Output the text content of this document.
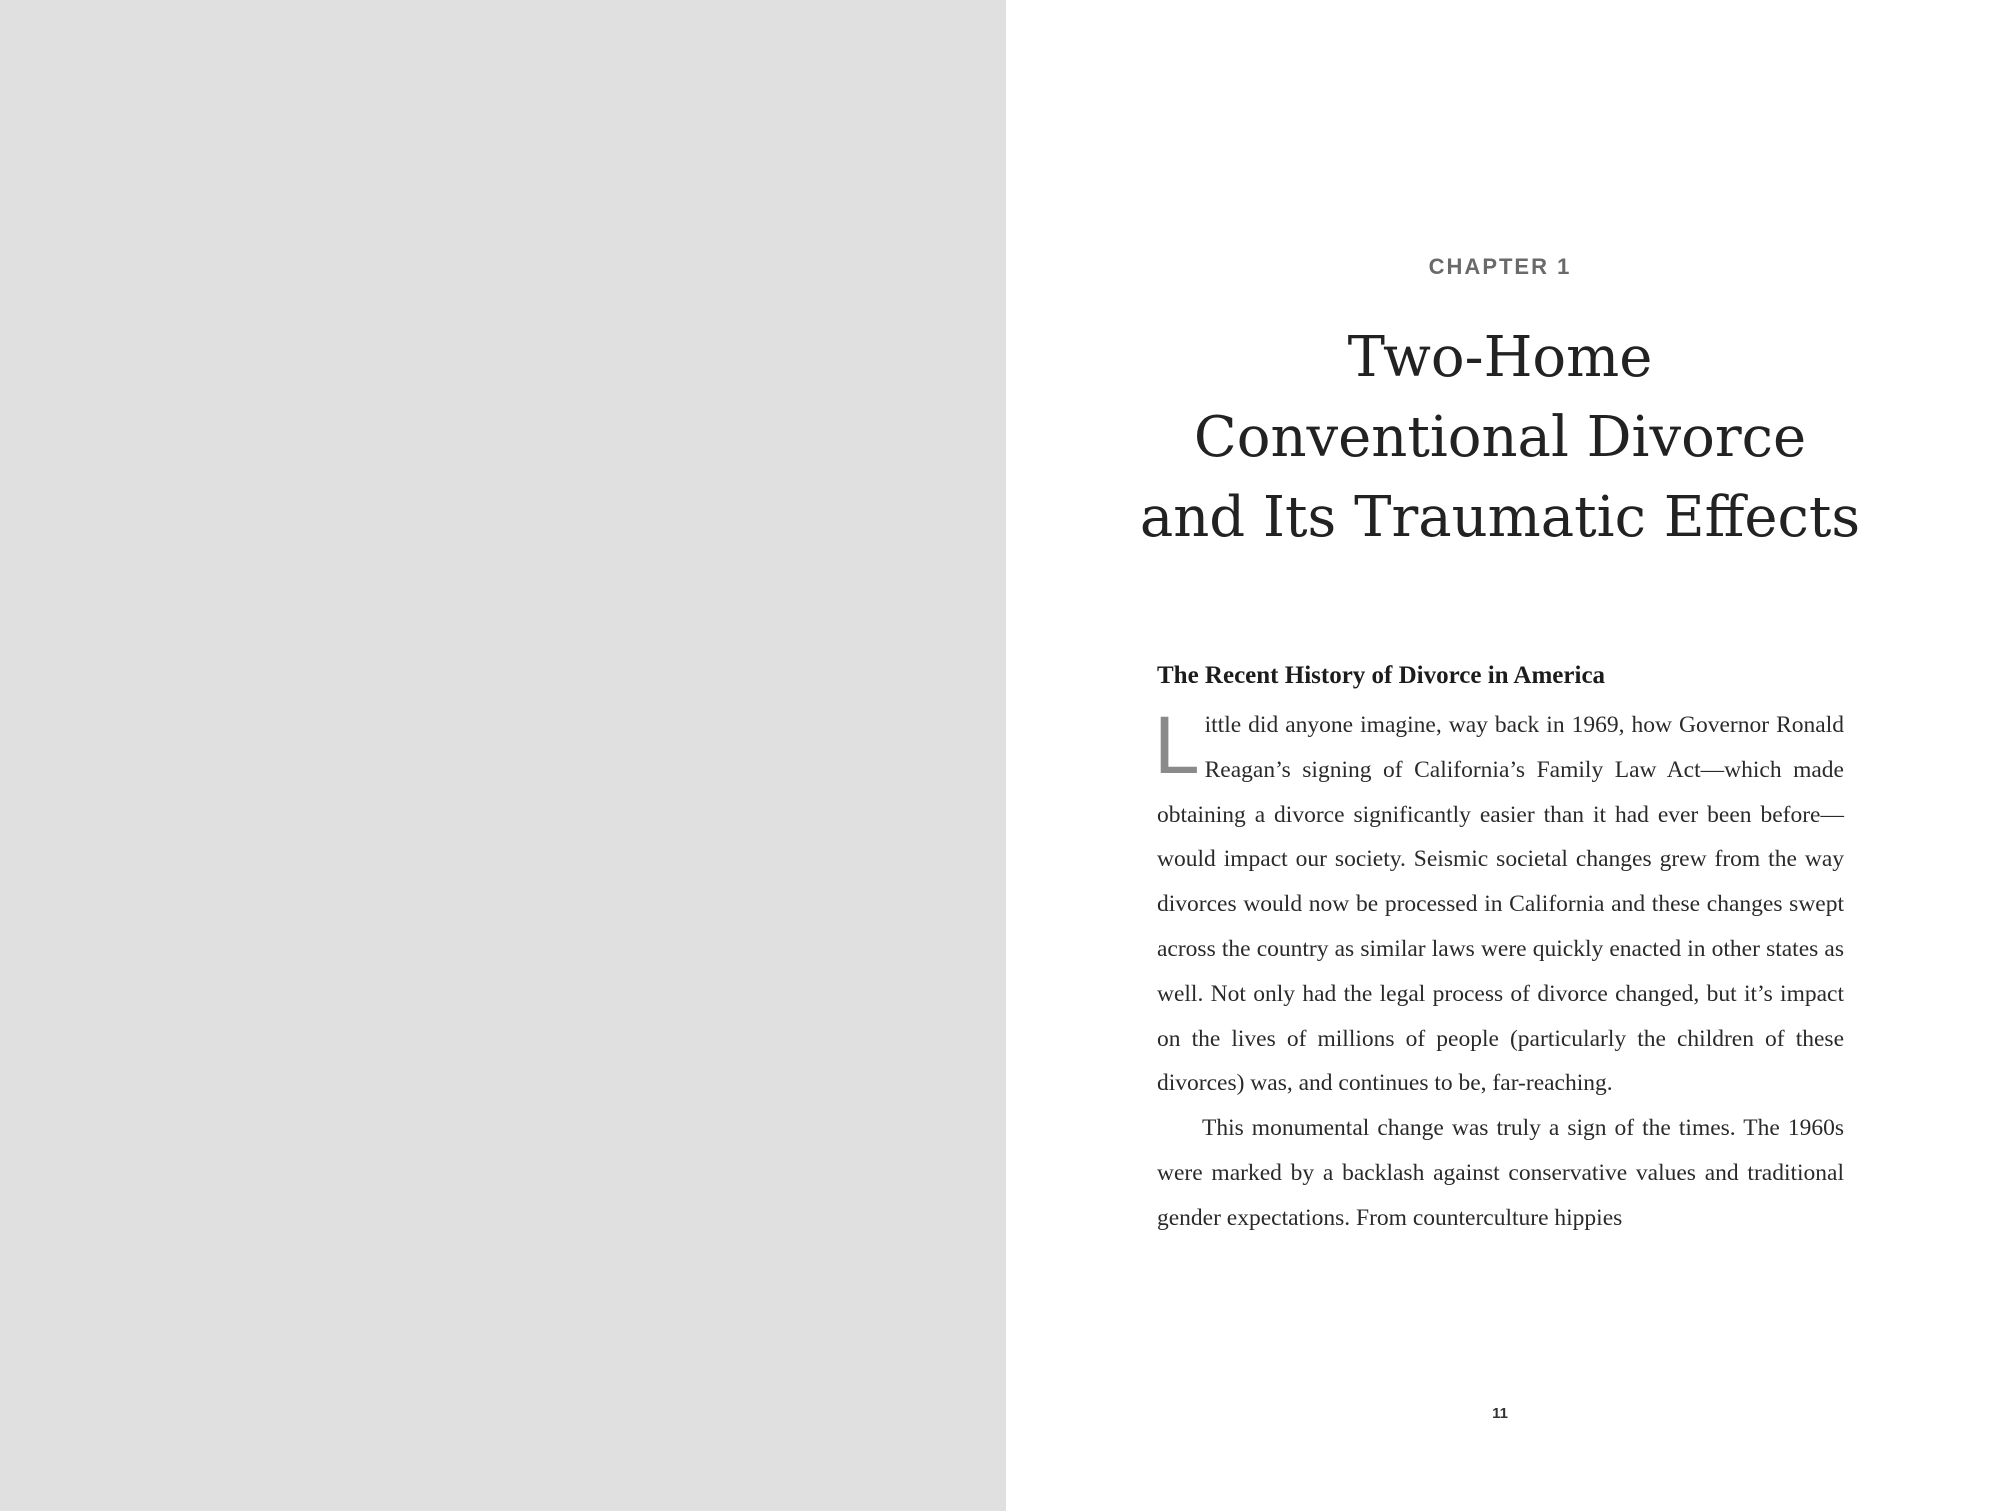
CHAPTER 1
Two-Home
Conventional Divorce
and Its Traumatic Effects
The Recent History of Divorce in America

Little did anyone imagine, way back in 1969, how Governor Ronald Reagan’s signing of California’s Family Law Act—which made obtaining a divorce significantly easier than it had ever been before—would impact our society. Seismic societal changes grew from the way divorces would now be processed in California and these changes swept across the country as similar laws were quickly enacted in other states as well. Not only had the legal process of divorce changed, but it’s impact on the lives of millions of people (particularly the children of these divorces) was, and continues to be, far-reaching.

This monumental change was truly a sign of the times. The 1960s were marked by a backlash against conservative values and traditional gender expectations. From counterculture hippies

11
